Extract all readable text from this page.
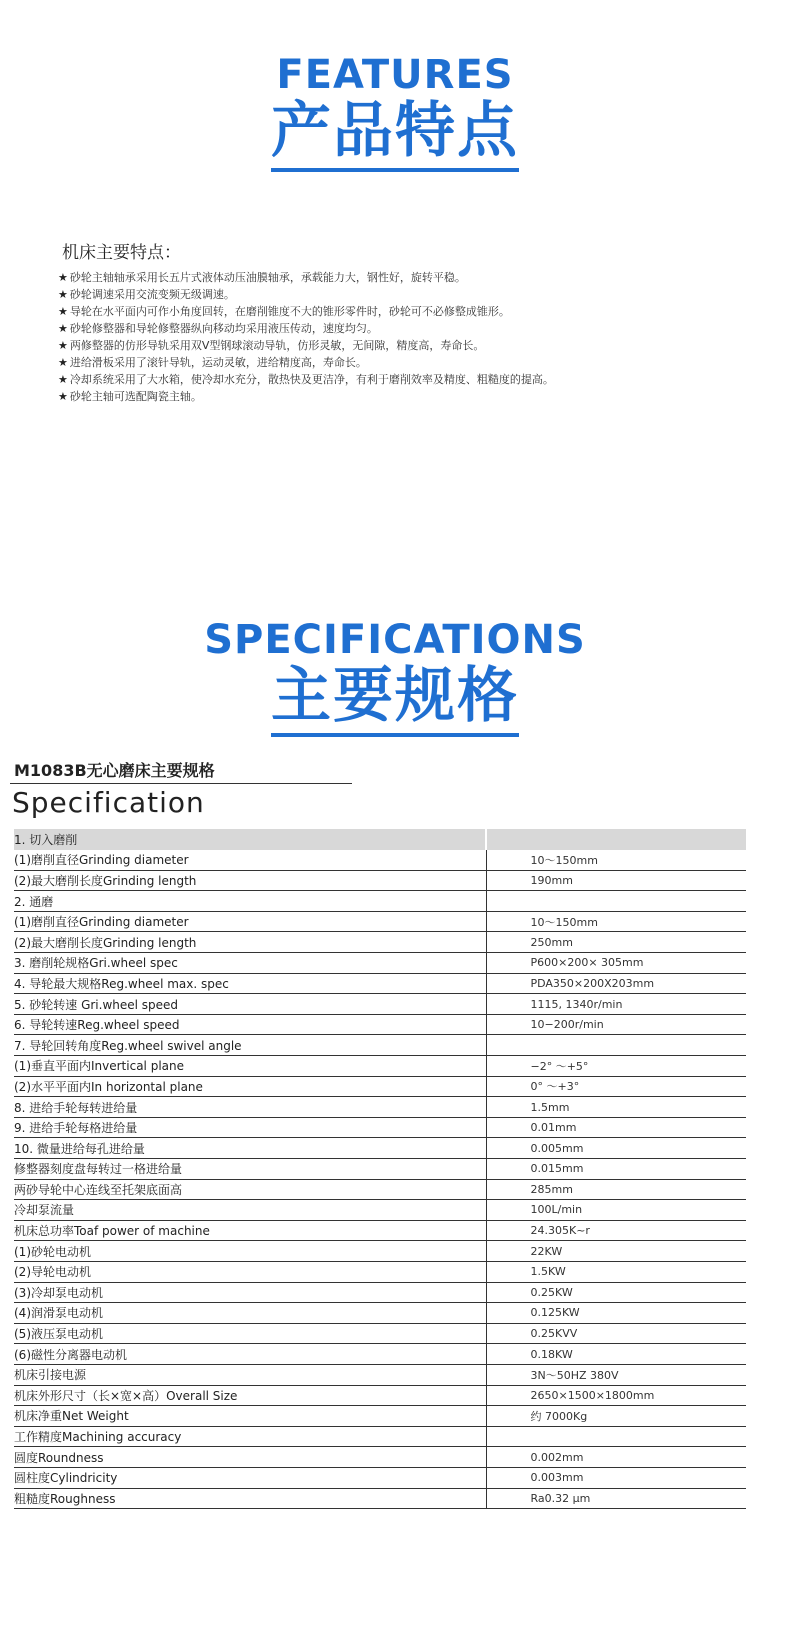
FEATURES
产品特点
机床主要特点：
★ 砂轮主轴轴承采用长五片式液体动压油膜轴承，承载能力大，钢性好，旋转平稳。
★ 砂轮调速采用交流变频无级调速。
★ 导轮在水平面内可作小角度回转，在磨削锥度不大的锥形零件时，砂轮可不必修整成锥形。
★ 砂轮修整器和导轮修整器纵向移动均采用液压传动，速度均匀。
★ 两修整器的仿形导轨采用双V型钢球滚动导轨，仿形灵敏，无间隙，精度高，寿命长。
★ 进给滑板采用了滚针导轨，运动灵敏，进给精度高，寿命长。
★ 冷却系统采用了大水箱，使冷却水充分，散热快及更洁净，有利于磨削效率及精度、粗糙度的提高。
★ 砂轮主轴可选配陶瓷主轴。
SPECIFICATIONS
主要规格
M1083B无心磨床主要规格
Specification
1. 切入磨削	
(1)磨削直径Grinding diameter	10～150mm
(2)最大磨削长度Grinding length	190mm
2. 通磨	
(1)磨削直径Grinding diameter	10～150mm
(2)最大磨削长度Grinding length	250mm
3. 磨削轮规格Gri.wheel spec	P600×200× 305mm
4. 导轮最大规格Reg.wheel max. spec	PDA350×200X203mm
5. 砂轮转速 Gri.wheel speed	1115, 1340r/min
6. 导轮转速Reg.wheel speed	10−200r/min
7. 导轮回转角度Reg.wheel swivel angle	
(1)垂直平面内Invertical plane	−2° ～+5°
(2)水平平面内In horizontal plane	0° ～+3°
8. 进给手轮每转进给量	1.5mm
9. 进给手轮每格进给量	0.01mm
10. 微量进给每孔进给量	0.005mm
修整器刻度盘每转过一格进给量	0.015mm
两砂导轮中心连线至托架底面高	285mm
冷却泵流量	100L/min
机床总功率Toaf power of machine	24.305K~r
(1)砂轮电动机	22KW
(2)导轮电动机	1.5KW
(3)冷却泵电动机	0.25KW
(4)润滑泵电动机	0.125KW
(5)液压泵电动机	0.25KVV
(6)磁性分离器电动机	0.18KW
机床引接电源	3N～50HZ 380V
机床外形尺寸（长×宽×高）Overall Size	2650×1500×1800mm
机床净重Net Weight	约 7000Kg
工作精度Machining accuracy	
圆度Roundness	0.002mm
圆柱度Cylindricity	0.003mm
粗糙度Roughness	Ra0.32 μm
